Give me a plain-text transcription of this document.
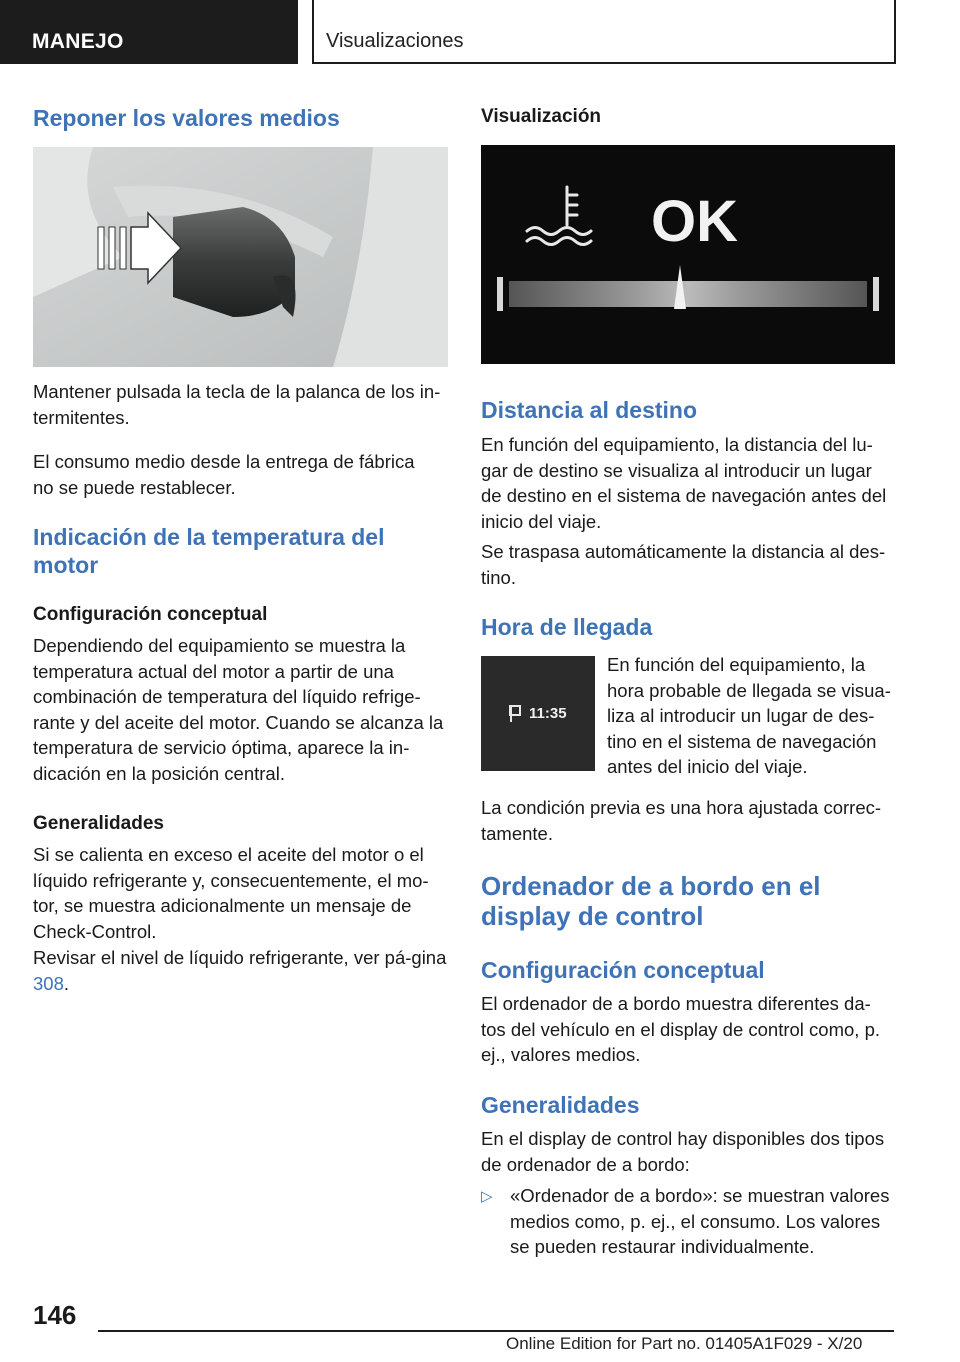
MANEJO	Visualizaciones
Reponer los valores medios
Mantener pulsada la tecla de la palanca de los in-termitentes.
El consumo medio desde la entrega de fábrica no se puede restablecer.
Indicación de la temperatura del motor
Configuración conceptual
Dependiendo del equipamiento se muestra la temperatura actual del motor a partir de una combinación de temperatura del líquido refrige-rante y del aceite del motor. Cuando se alcanza la temperatura de servicio óptima, aparece la in-dicación en la posición central.
Generalidades
Si se calienta en exceso el aceite del motor o el líquido refrigerante y, consecuentemente, el mo-tor, se muestra adicionalmente un mensaje de Check-Control.
Revisar el nivel de líquido refrigerante, ver pá-gina 308.
Visualización
OK
Distancia al destino
En función del equipamiento, la distancia del lu-gar de destino se visualiza al introducir un lugar de destino en el sistema de navegación antes del inicio del viaje.
Se traspasa automáticamente la distancia al des-tino.
Hora de llegada
11:35
En función del equipamiento, la hora probable de llegada se visua-liza al introducir un lugar de des-tino en el sistema de navegación antes del inicio del viaje.
La condición previa es una hora ajustada correc-tamente.
Ordenador de a bordo en el display de control
Configuración conceptual
El ordenador de a bordo muestra diferentes da-tos del vehículo en el display de control como, p. ej., valores medios.
Generalidades
En el display de control hay disponibles dos tipos de ordenador de a bordo:
▷ «Ordenador de a bordo»: se muestran valores medios como, p. ej., el consumo. Los valores se pueden restaurar individualmente.
146
Online Edition for Part no. 01405A1F029 - X/20
